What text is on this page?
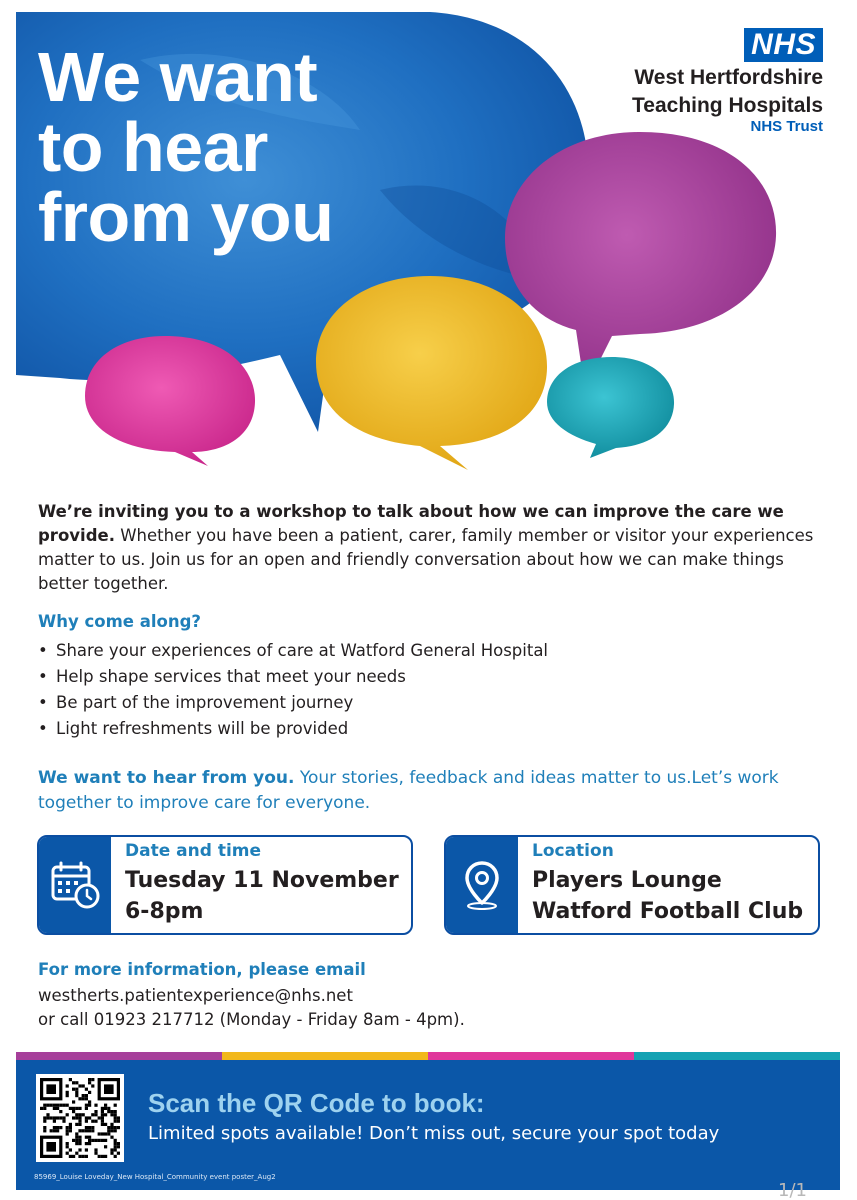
We want
to hear
from you
NHS
West Hertfordshire
Teaching Hospitals
NHS Trust

We’re inviting you to a workshop to talk about how we can improve the care we provide. Whether you have been a patient, carer, family member or visitor your experiences matter to us. Join us for an open and friendly conversation about how we can make things better together.

Why come along?
• Share your experiences of care at Watford General Hospital
• Help shape services that meet your needs
• Be part of the improvement journey
• Light refreshments will be provided

We want to hear from you. Your stories, feedback and ideas matter to us.Let’s work together to improve care for everyone.

Date and time
Tuesday 11 November
6-8pm
Location
Players Lounge
Watford Football Club
For more information, please email
westherts.patientexperience@nhs.net
or call 01923 217712 (Monday - Friday 8am - 4pm).
Scan the QR Code to book:
Limited spots available! Don’t miss out, secure your spot today
85969_Louise Loveday_New Hospital_Community event poster_Aug2
1/1
